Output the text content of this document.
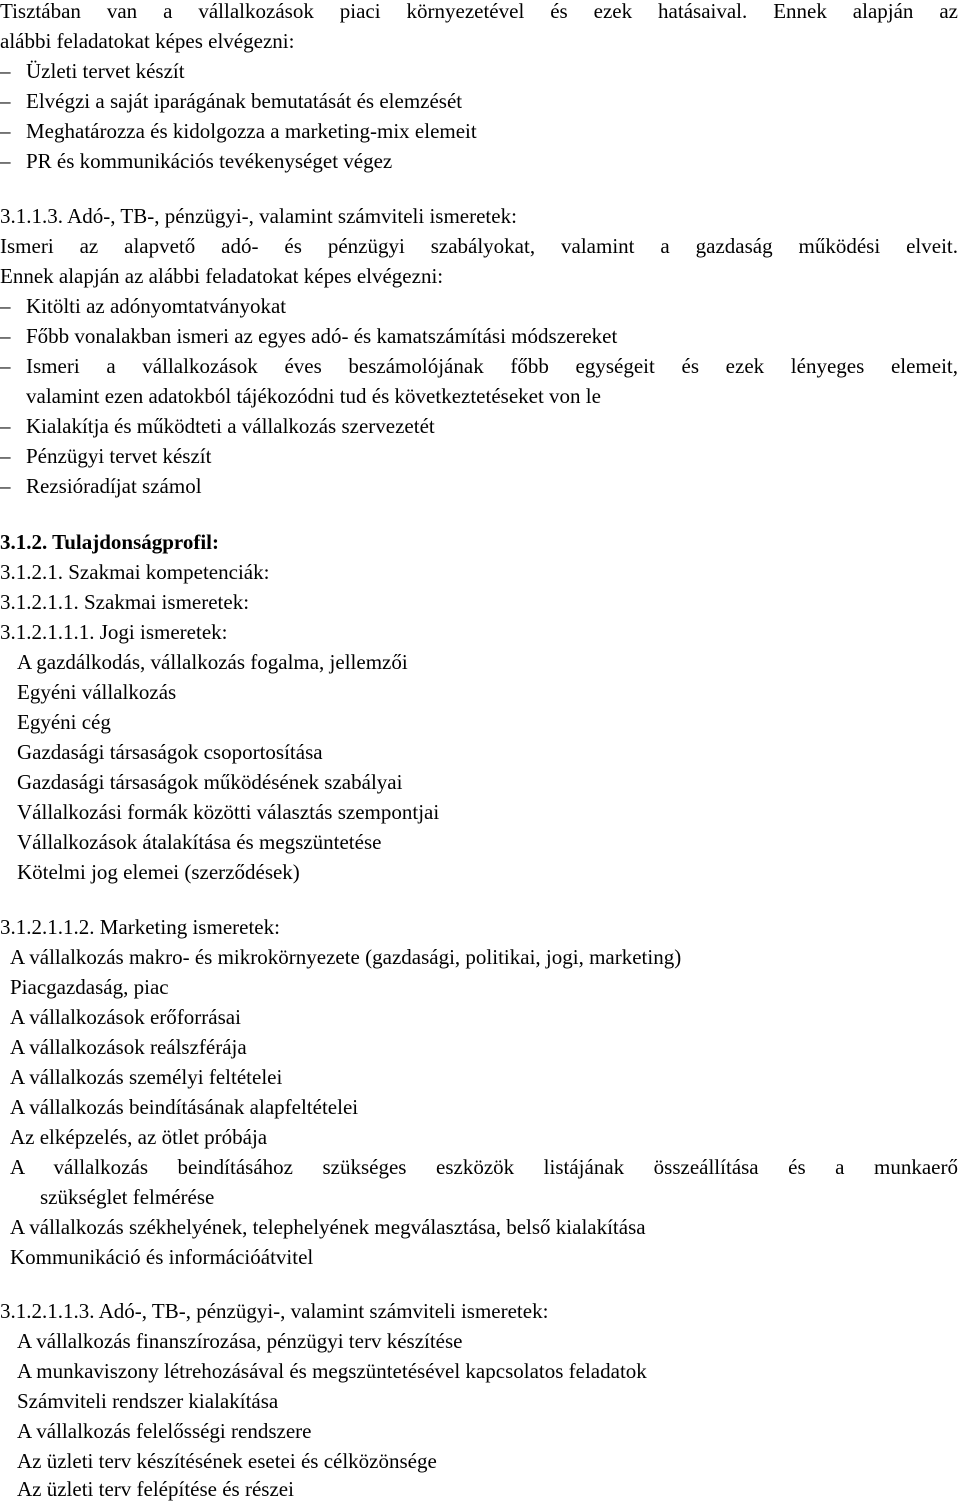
Tisztában van a vállalkozások piaci környezetével és ezek hatásaival. Ennek alapján az
alábbi feladatokat képes elvégezni:
– Üzleti tervet készít
– Elvégzi a saját iparágának bemutatását és elemzését
– Meghatározza és kidolgozza a marketing-mix elemeit
– PR és kommunikációs tevékenységet végez
3.1.1.3. Adó-, TB-, pénzügyi-, valamint számviteli ismeretek:
Ismeri az alapvető adó- és pénzügyi szabályokat, valamint a gazdaság működési elveit.
Ennek alapján az alábbi feladatokat képes elvégezni:
– Kitölti az adónyomtatványokat
– Főbb vonalakban ismeri az egyes adó- és kamatszámítási módszereket
– Ismeri a vállalkozások éves beszámolójának főbb egységeit és ezek lényeges elemeit,
valamint ezen adatokból tájékozódni tud és következtetéseket von le
– Kialakítja és működteti a vállalkozás szervezetét
– Pénzügyi tervet készít
– Rezsióradíjat számol
3.1.2. Tulajdonságprofil:
3.1.2.1. Szakmai kompetenciák:
3.1.2.1.1. Szakmai ismeretek:
3.1.2.1.1.1. Jogi ismeretek:
A gazdálkodás, vállalkozás fogalma, jellemzői
Egyéni vállalkozás
Egyéni cég
Gazdasági társaságok csoportosítása
Gazdasági társaságok működésének szabályai
Vállalkozási formák közötti választás szempontjai
Vállalkozások átalakítása és megszüntetése
Kötelmi jog elemei (szerződések)
3.1.2.1.1.2. Marketing ismeretek:
A vállalkozás makro- és mikrokörnyezete (gazdasági, politikai, jogi, marketing)
Piacgazdaság, piac
A vállalkozások erőforrásai
A vállalkozások reálszférája
A vállalkozás személyi feltételei
A vállalkozás beindításának alapfeltételei
Az elképzelés, az ötlet próbája
A vállalkozás beindításához szükséges eszközök listájának összeállítása és a munkaerő
szükséglet felmérése
A vállalkozás székhelyének, telephelyének megválasztása, belső kialakítása
Kommunikáció és információátvitel
3.1.2.1.1.3. Adó-, TB-, pénzügyi-, valamint számviteli ismeretek:
A vállalkozás finanszírozása, pénzügyi terv készítése
A munkaviszony létrehozásával és megszüntetésével kapcsolatos feladatok
Számviteli rendszer kialakítása
A vállalkozás felelősségi rendszere
Az üzleti terv készítésének esetei és célközönsége
Az üzleti terv felépítése és részei
